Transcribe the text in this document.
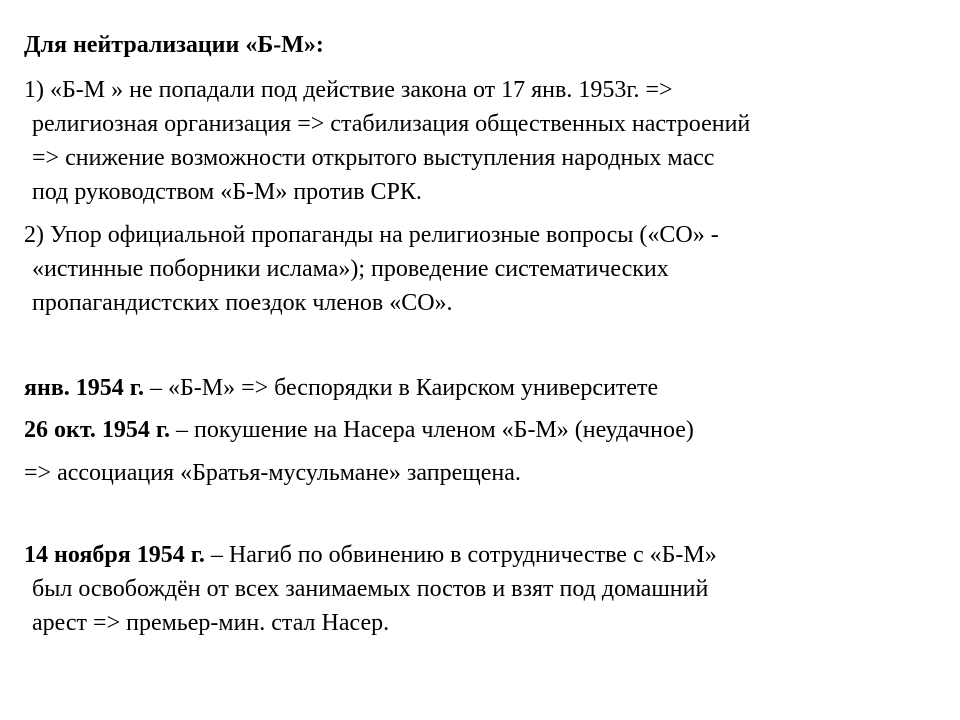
Для нейтрализации «Б-М»:
1) «Б-М » не попадали под действие закона от 17 янв. 1953г. =>
религиозная организация => стабилизация общественных настроений
=> снижение возможности открытого выступления народных масс
под руководством «Б-М» против СРК.
2) Упор официальной пропаганды на религиозные вопросы («СО» -
«истинные поборники ислама»); проведение систематических
пропагандистских поездок членов «СО».
янв. 1954 г. – «Б-М» => беспорядки в Каирском университете
26 окт. 1954 г. – покушение на Насера членом «Б-М» (неудачное)
=> ассоциация «Братья-мусульмане» запрещена.
14 ноября 1954 г. – Нагиб по обвинению в сотрудничестве с «Б-М»
был освобождён от всех занимаемых постов и взят под домашний
арест => премьер-мин. стал Насер.
